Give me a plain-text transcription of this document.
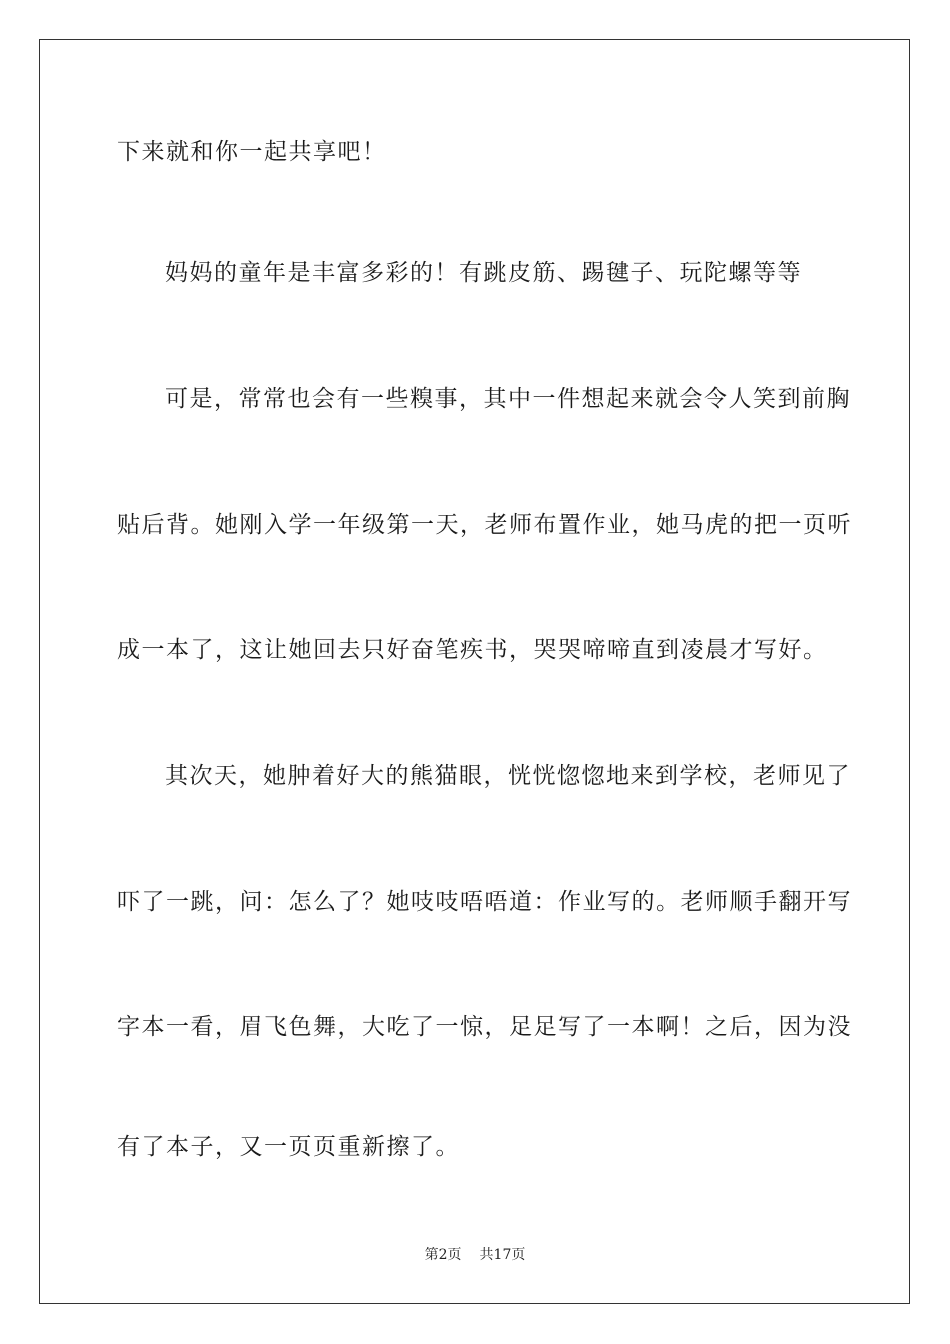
下来就和你一起共享吧！
妈妈的童年是丰富多彩的！有跳皮筋、踢毽子、玩陀螺等等
可是，常常也会有一些糗事，其中一件想起来就会令人笑到前胸
贴后背。她刚入学一年级第一天，老师布置作业，她马虎的把一页听
成一本了，这让她回去只好奋笔疾书，哭哭啼啼直到凌晨才写好。
其次天，她肿着好大的熊猫眼，恍恍惚惚地来到学校，老师见了
吓了一跳，问：怎么了？她吱吱唔唔道：作业写的。老师顺手翻开写
字本一看，眉飞色舞，大吃了一惊，足足写了一本啊！之后，因为没
有了本子，又一页页重新擦了。
第2页 共17页
